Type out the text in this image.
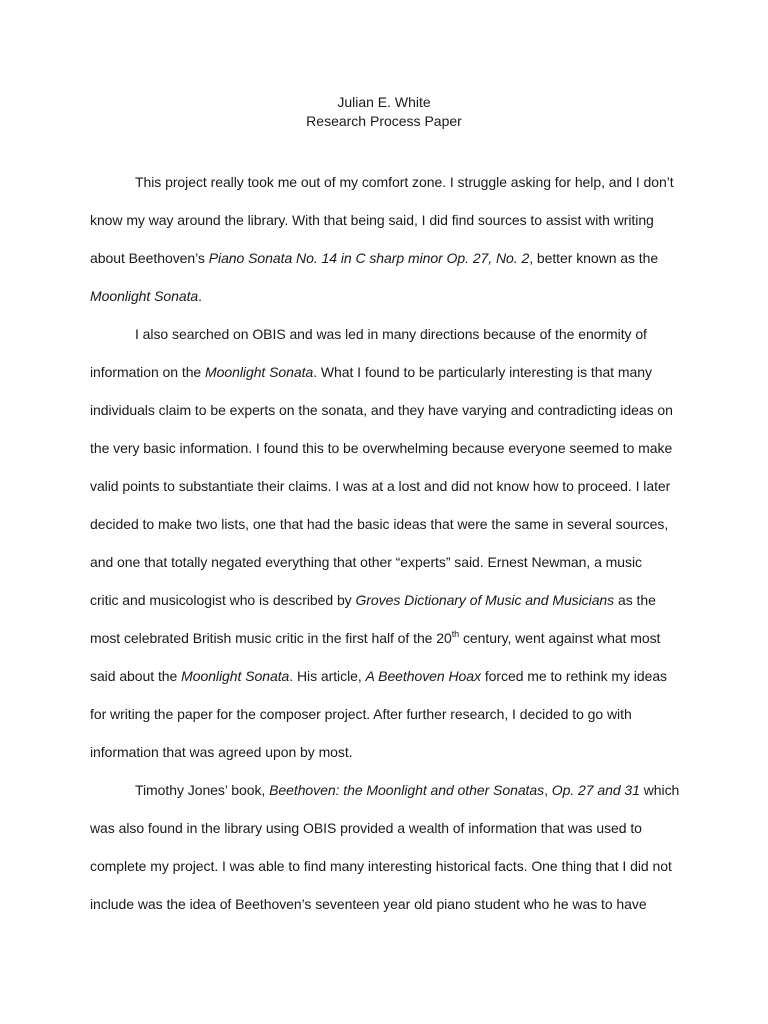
Julian E. White
Research Process Paper

This project really took me out of my comfort zone. I struggle asking for help, and I don’t
know my way around the library. With that being said, I did find sources to assist with writing
about Beethoven’s Piano Sonata No. 14 in C sharp minor Op. 27, No. 2, better known as the
Moonlight Sonata.

I also searched on OBIS and was led in many directions because of the enormity of
information on the Moonlight Sonata. What I found to be particularly interesting is that many
individuals claim to be experts on the sonata, and they have varying and contradicting ideas on
the very basic information. I found this to be overwhelming because everyone seemed to make
valid points to substantiate their claims. I was at a lost and did not know how to proceed. I later
decided to make two lists, one that had the basic ideas that were the same in several sources,
and one that totally negated everything that other “experts” said. Ernest Newman, a music
critic and musicologist who is described by Groves Dictionary of Music and Musicians as the
most celebrated British music critic in the first half of the 20th century, went against what most
said about the Moonlight Sonata. His article, A Beethoven Hoax forced me to rethink my ideas
for writing the paper for the composer project. After further research, I decided to go with
information that was agreed upon by most.

Timothy Jones’ book, Beethoven: the Moonlight and other Sonatas, Op. 27 and 31 which
was also found in the library using OBIS provided a wealth of information that was used to
complete my project. I was able to find many interesting historical facts. One thing that I did not
include was the idea of Beethoven’s seventeen year old piano student who he was to have
